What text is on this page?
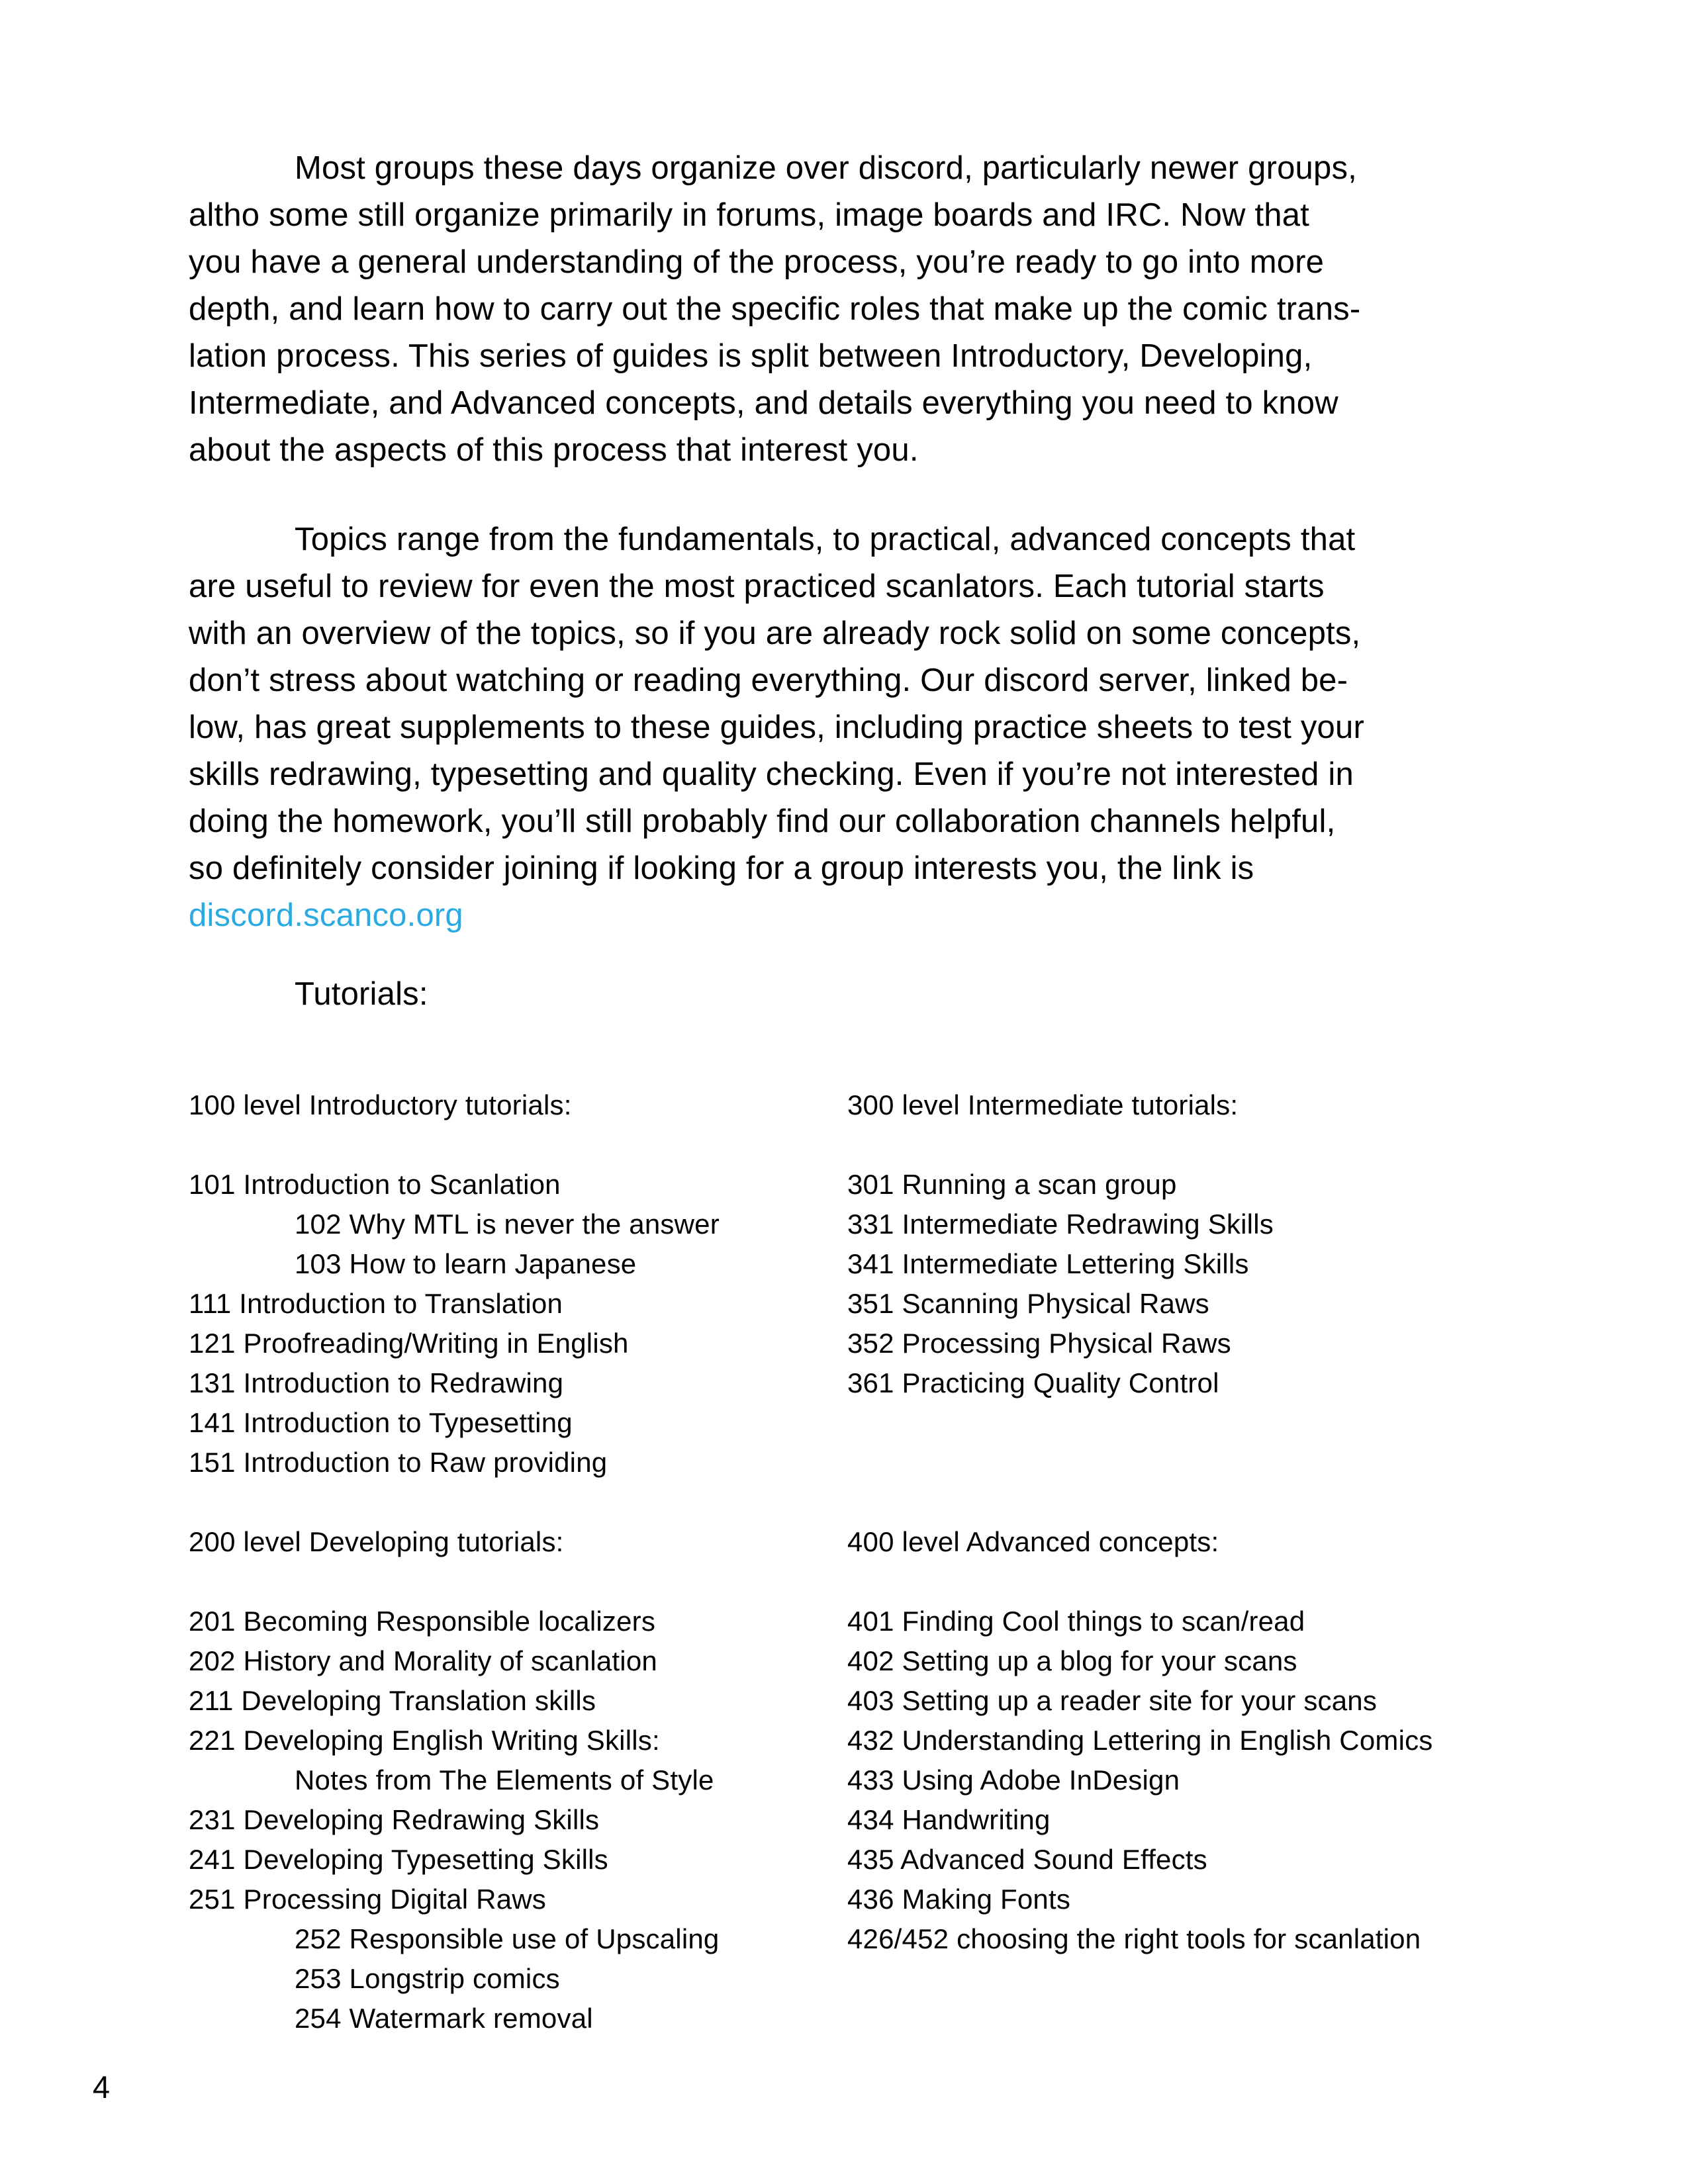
Most groups these days organize over discord, particularly newer groups,
altho some still organize primarily in forums, image boards and IRC. Now that
you have a general understanding of the process, you’re ready to go into more
depth, and learn how to carry out the specific roles that make up the comic trans-
lation process. This series of guides is split between Introductory, Developing,
Intermediate, and Advanced concepts, and details everything you need to know
about the aspects of this process that interest you.
Topics range from the fundamentals, to practical, advanced concepts that
are useful to review for even the most practiced scanlators. Each tutorial starts
with an overview of the topics, so if you are already rock solid on some concepts,
don’t stress about watching or reading everything. Our discord server, linked be-
low, has great supplements to these guides, including practice sheets to test your
skills redrawing, typesetting and quality checking. Even if you’re not interested in
doing the homework, you’ll still probably find our collaboration channels helpful,
so definitely consider joining if looking for a group interests you, the link is
discord.scanco.org
Tutorials:
100 level Introductory tutorials:
101 Introduction to Scanlation
102 Why MTL is never the answer
103 How to learn Japanese
111 Introduction to Translation
121 Proofreading/Writing in English
131 Introduction to Redrawing
141 Introduction to Typesetting
151 Introduction to Raw providing
200 level Developing tutorials:
201 Becoming Responsible localizers
202 History and Morality of scanlation
211 Developing Translation skills
221 Developing English Writing Skills:
Notes from The Elements of Style
231 Developing Redrawing Skills
241 Developing Typesetting Skills
251 Processing Digital Raws
252 Responsible use of Upscaling
253 Longstrip comics
254 Watermark removal
300 level Intermediate tutorials:
301 Running a scan group
331 Intermediate Redrawing Skills
341 Intermediate Lettering Skills
351 Scanning Physical Raws
352 Processing Physical Raws
361 Practicing Quality Control
400 level Advanced concepts:
401 Finding Cool things to scan/read
402 Setting up a blog for your scans
403 Setting up a reader site for your scans
432 Understanding Lettering in English Comics
433 Using Adobe InDesign
434 Handwriting
435 Advanced Sound Effects
436 Making Fonts
426/452 choosing the right tools for scanlation
4
